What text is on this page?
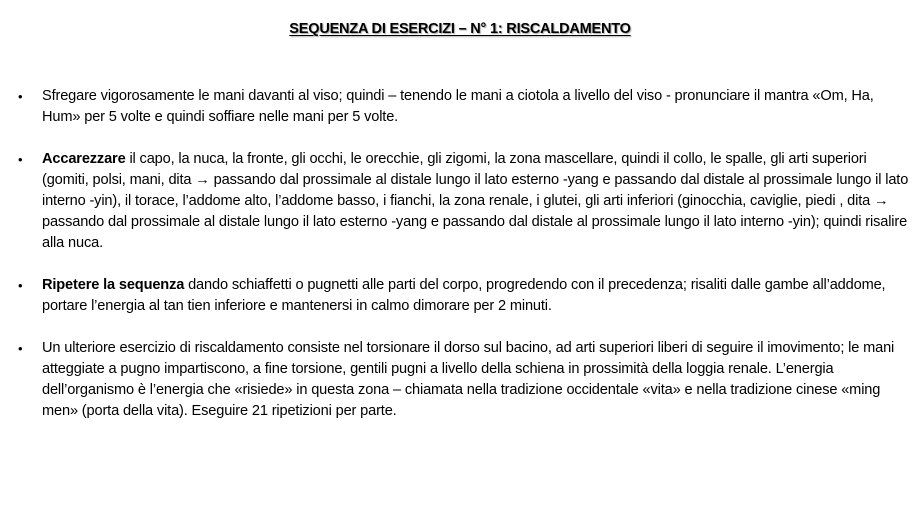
SEQUENZA DI ESERCIZI – N° 1: RISCALDAMENTO
•	Sfregare vigorosamente le mani davanti al viso; quindi – tenendo le mani a ciotola a livello del viso - pronunciare il mantra «Om, Ha, Hum» per 5 volte e quindi soffiare nelle mani per 5 volte.
•	Accarezzare il capo, la nuca, la fronte, gli occhi, le orecchie, gli zigomi, la zona mascellare, quindi il collo, le spalle, gli arti superiori (gomiti, polsi, mani, dita → passando dal prossimale al distale lungo il lato esterno -yang e passando dal distale al prossimale lungo il lato interno -yin), il torace, l’addome alto, l’addome basso, i fianchi, la zona renale, i glutei, gli arti inferiori (ginocchia, caviglie, piedi , dita → passando dal prossimale al distale lungo il lato esterno -yang e passando dal distale al prossimale lungo il lato interno -yin); quindi risalire alla nuca.
•	Ripetere la sequenza dando schiaffetti o pugnetti alle parti del corpo, progredendo con il precedenza; risaliti dalle gambe all’addome, portare l’energia al tan tien inferiore e mantenersi in calmo dimorare per 2 minuti.
•	Un ulteriore esercizio di riscaldamento consiste nel torsionare il dorso sul bacino, ad arti superiori liberi di seguire il imovimento; le mani atteggiate a pugno impartiscono, a fine torsione, gentili pugni a livello della schiena in prossimità della loggia renale. L’energia dell’organismo è l’energia che «risiede» in questa zona – chiamata nella tradizione occidentale «vita» e nella tradizione cinese «ming men» (porta della vita). Eseguire 21 ripetizioni per parte.
